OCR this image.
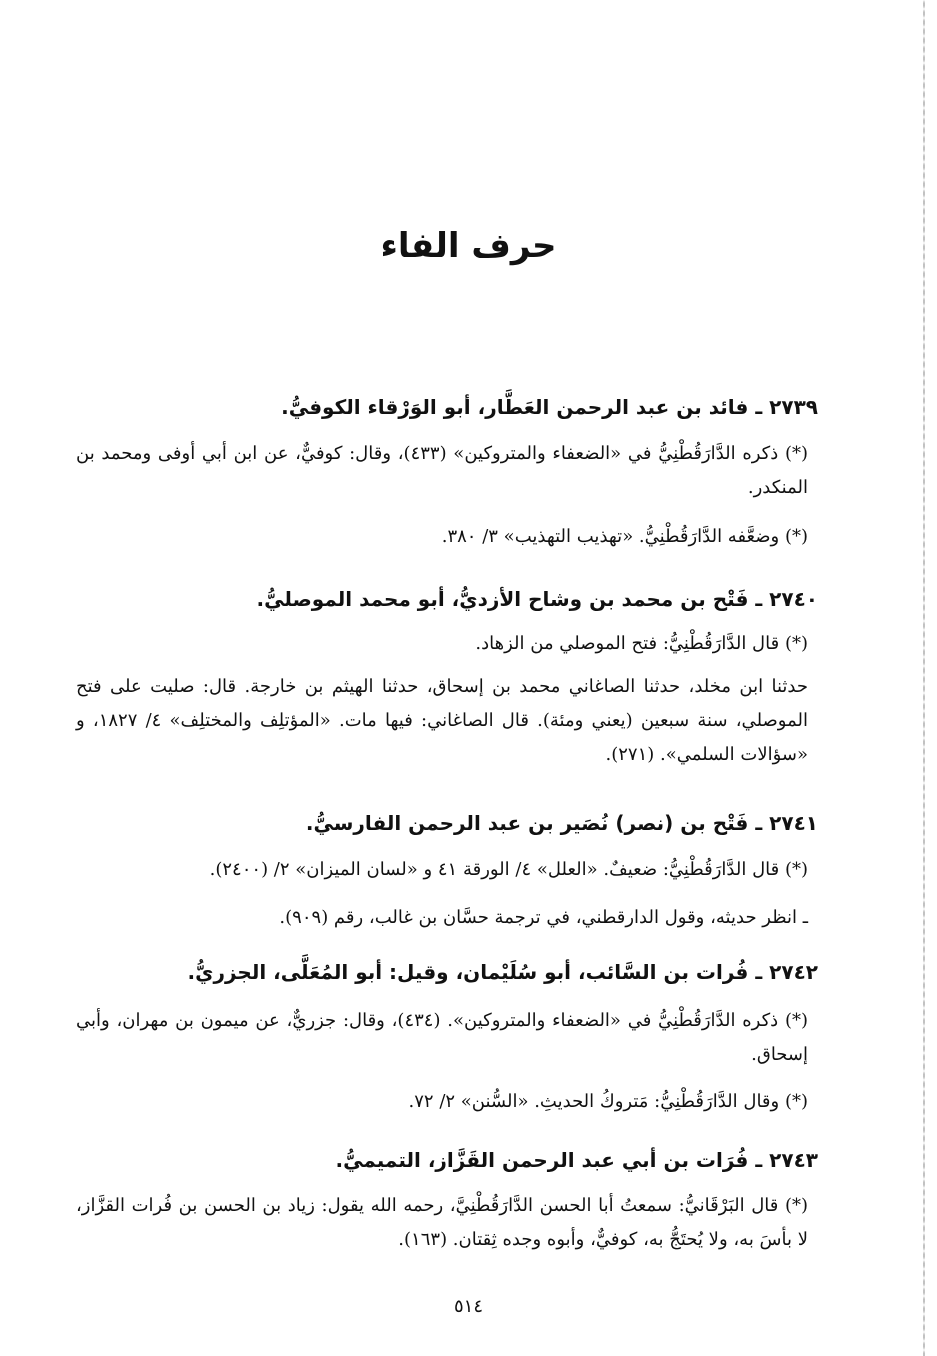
حرف الفاء

٢٧٣٩ ـ فائد بن عبد الرحمن العَطَّار، أبو الوَرْقاء الكوفيُّ.

(*) ذكره الدَّارَقُطْنِيُّ في «الضعفاء والمتروكين» (٤٣٣)، وقال: كوفيٌّ، عن ابن أبي أوفى ومحمد بن المنكدر.

(*) وضعَّفه الدَّارَقُطْنِيُّ. «تهذيب التهذيب» ٣/ ٣٨٠.

٢٧٤٠ ـ فَتْح بن محمد بن وشاح الأزديُّ، أبو محمد الموصليُّ.

(*) قال الدَّارَقُطْنِيُّ: فتح الموصلي من الزهاد.

حدثنا ابن مخلد، حدثنا الصاغاني محمد بن إسحاق، حدثنا الهيثم بن خارجة. قال: صليت على فتح الموصلي، سنة سبعين (يعني ومئة). قال الصاغاني: فيها مات. «المؤتلِف والمختلِف» ٤/ ١٨٢٧، و «سؤالات السلمي». (٢٧١).

٢٧٤١ ـ فَتْح بن (نصر) نُصَير بن عبد الرحمن الفارسيُّ.

(*) قال الدَّارَقُطْنِيُّ: ضعيفٌ. «العلل» ٤/ الورقة ٤١ و «لسان الميزان» ٢/ (٢٤٠٠).

ـ انظر حديثه، وقول الدارقطني، في ترجمة حسَّان بن غالب، رقم (٩٠٩).

٢٧٤٢ ـ فُرات بن السَّائب، أبو سُلَيْمان، وقيل: أبو المُعَلَّى، الجزريُّ.

(*) ذكره الدَّارَقُطْنِيُّ في «الضعفاء والمتروكين». (٤٣٤)، وقال: جزريٌّ، عن ميمون بن مهران، وأبي إسحاق.

(*) وقال الدَّارَقُطْنِيُّ: مَتروكُ الحديثِ. «السُّنن» ٢/ ٧٢.

٢٧٤٣ ـ فُرَات بن أبي عبد الرحمن القَزَّاز، التميميُّ.

(*) قال البَرْقَانيُّ: سمعتُ أبا الحسن الدَّارَقُطْنِيَّ، رحمه الله يقول: زياد بن الحسن بن فُرات القزَّاز، لا بأسَ به، ولا يُحتَجُّ به، كوفيٌّ، وأبوه وجده ثِقتان. (١٦٣).

٥١٤
